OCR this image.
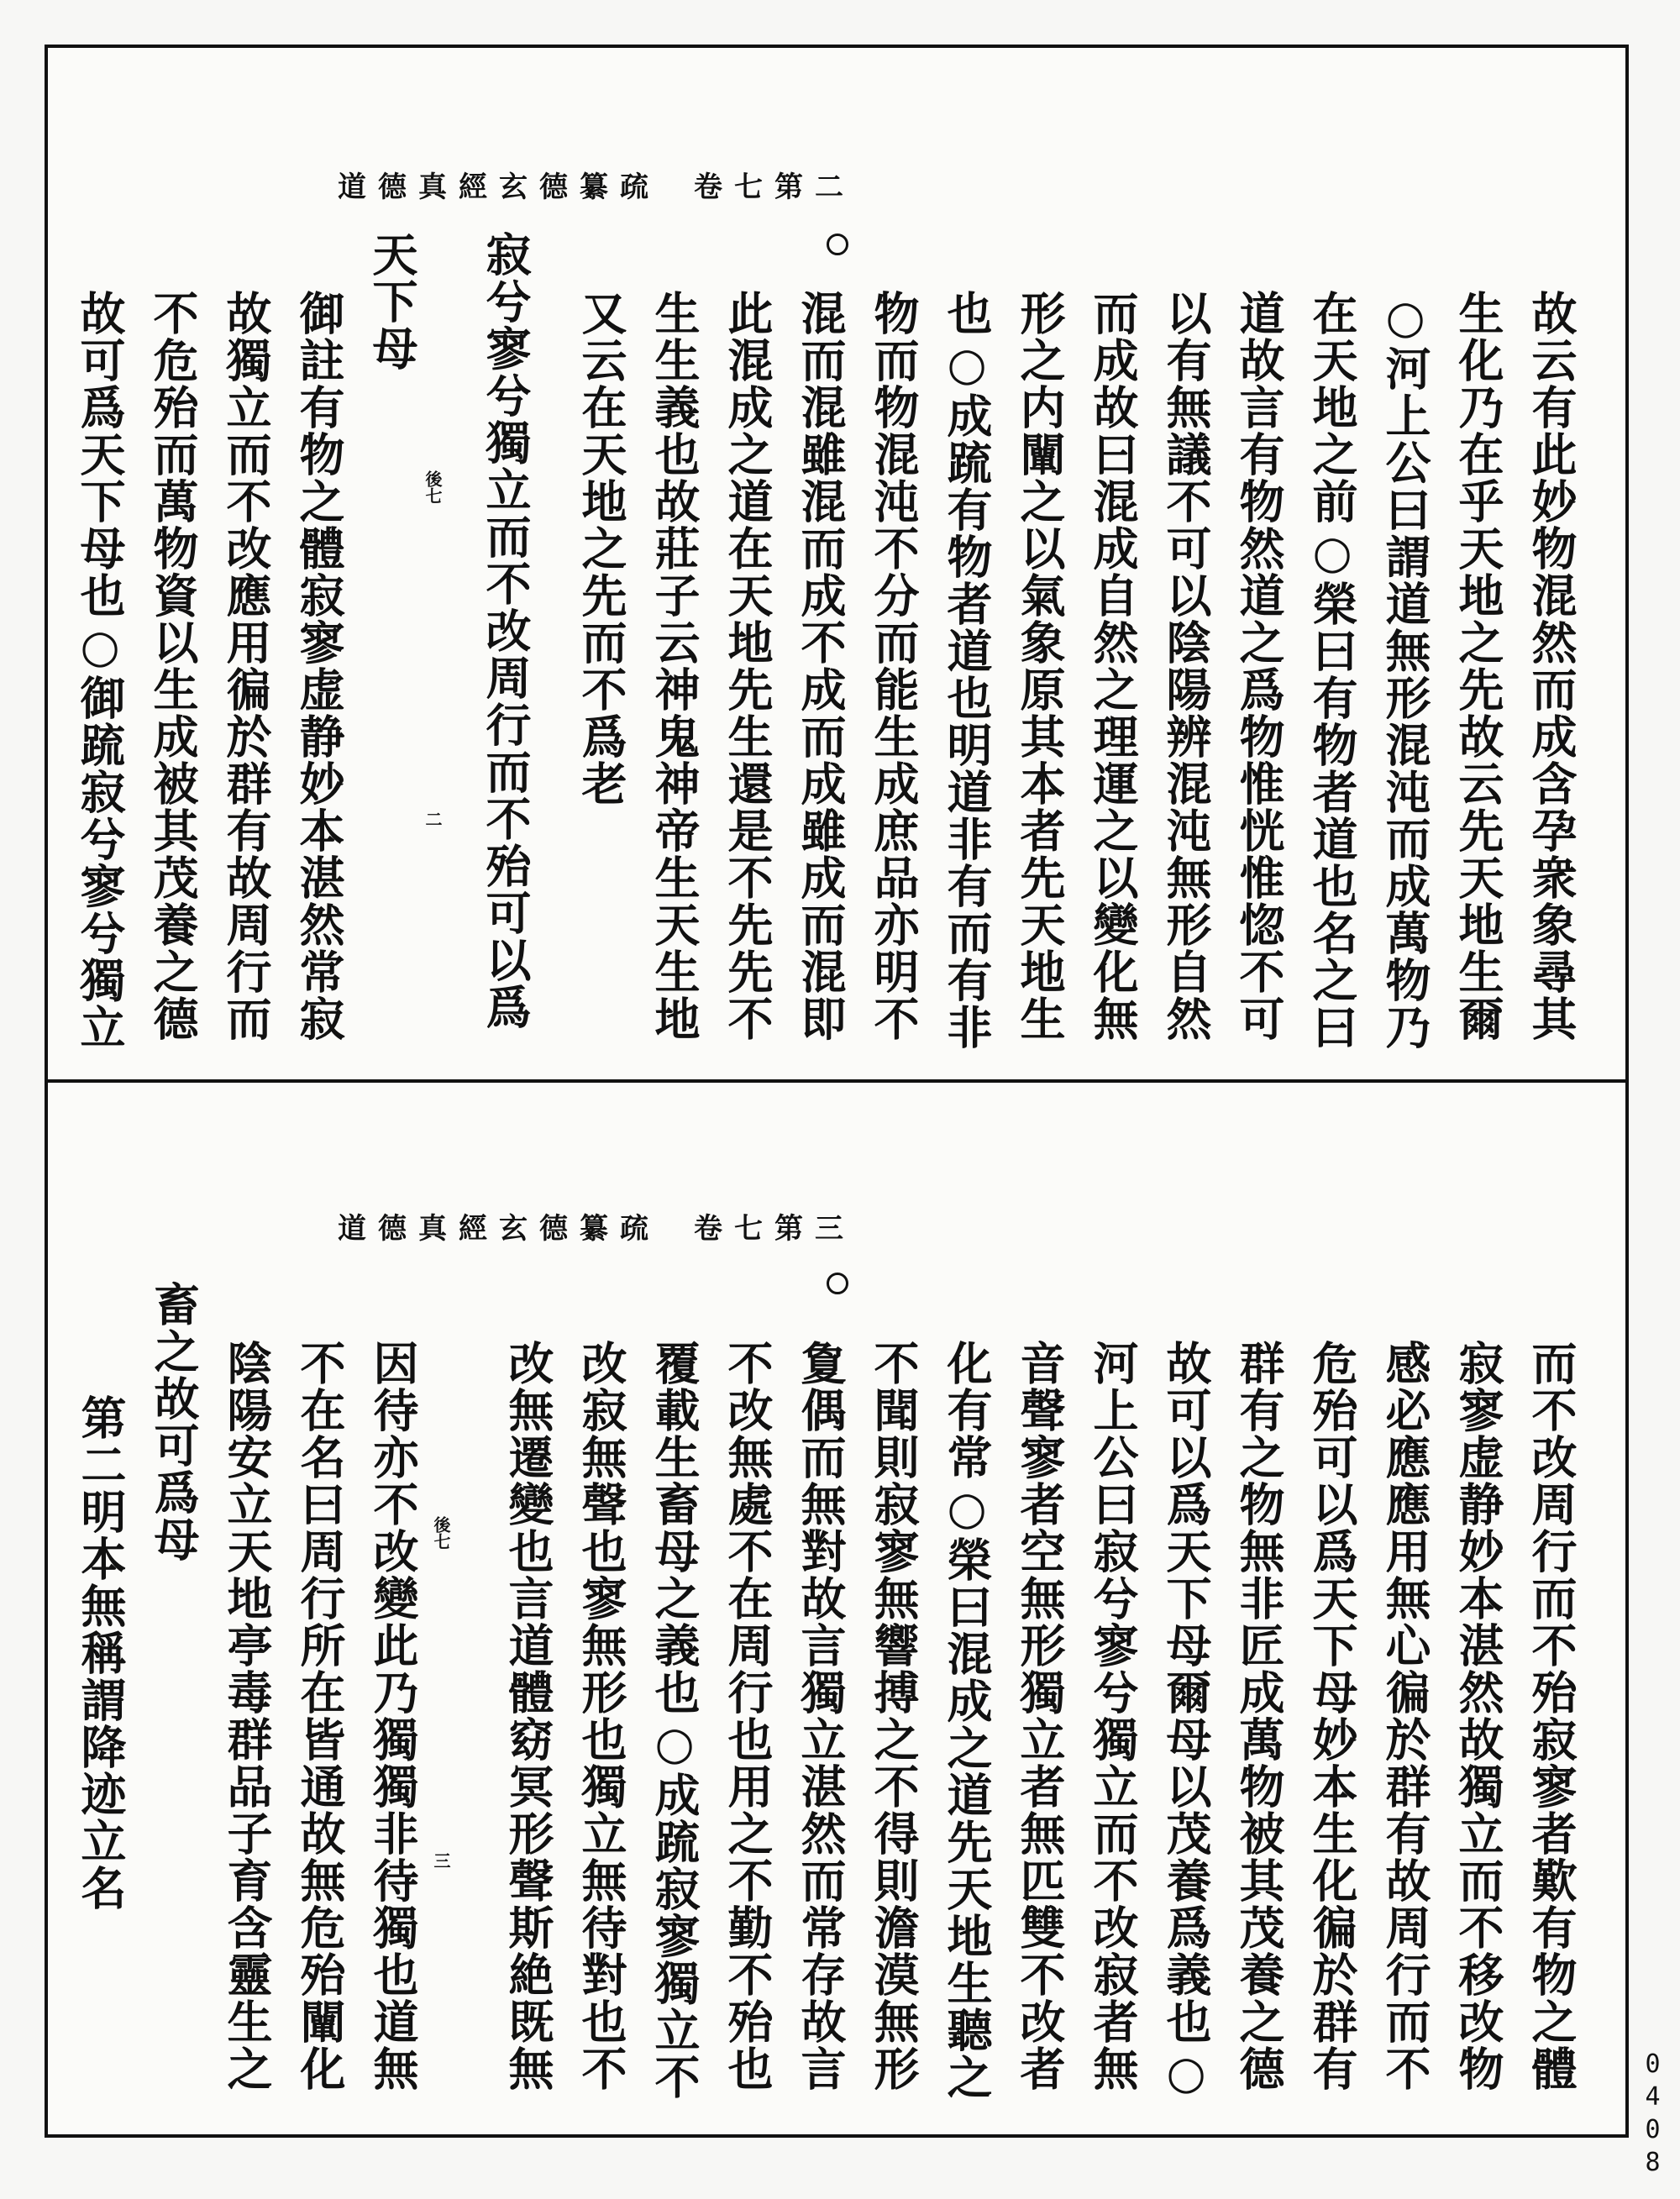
道德真經玄德纂疏 卷七第二
道德真經玄德纂疏 卷七第三
故云有此妙物混然而成含孕衆象尋其
生化乃在乎天地之先故云先天地生爾
○河上公曰謂道無形混沌而成萬物乃
在天地之前○榮曰有物者道也名之曰
道故言有物然道之爲物惟恍惟惚不可
以有無議不可以陰陽辨混沌無形自然
而成故曰混成自然之理運之以變化無
形之内闡之以氣象原其本者先天地生
也○成䟽有物者道也明道非有而有非
物而物混沌不分而能生成庶品亦明不
混而混雖混而成不成而成雖成而混即
此混成之道在天地先生還是不先先不
生生義也故莊子云神鬼神帝生天生地
又云在天地之先而不爲老
寂兮寥兮獨立而不改周行而不殆可以爲
天下母
御註有物之體寂寥虚静妙本湛然常寂
故獨立而不改應用徧於群有故周行而
不危殆而萬物資以生成被其茂養之德
故可爲天下母也○御䟽寂兮寥兮獨立	後七
二
而不改周行而不殆寂寥者歎有物之體
寂寥虚静妙本湛然故獨立而不移改物
感必應應用無心徧於群有故周行而不
危殆可以爲天下母妙本生化徧於群有
群有之物無非匠成萬物被其茂養之德
故可以爲天下母爾母以茂養爲義也○
河上公曰寂兮寥兮獨立而不改寂者無
音聲寥者空無形獨立者無匹雙不改者
化有常○榮曰混成之道先天地生聽之
不聞則寂寥無響搏之不得則澹漠無形
夐偶而無對故言獨立湛然而常存故言
不改無處不在周行也用之不勤不殆也
覆載生畜母之義也○成䟽寂寥獨立不
改寂無聲也寥無形也獨立無待對也不
改無遷變也言道體窈冥形聲斯絶既無
因待亦不改變此乃獨獨非待獨也道無
不在名曰周行所在皆通故無危殆闡化
陰陽安立天地亭毒群品子育含靈生之
畜之故可爲母
第二明本無稱謂降迹立名	後七
三
0408
